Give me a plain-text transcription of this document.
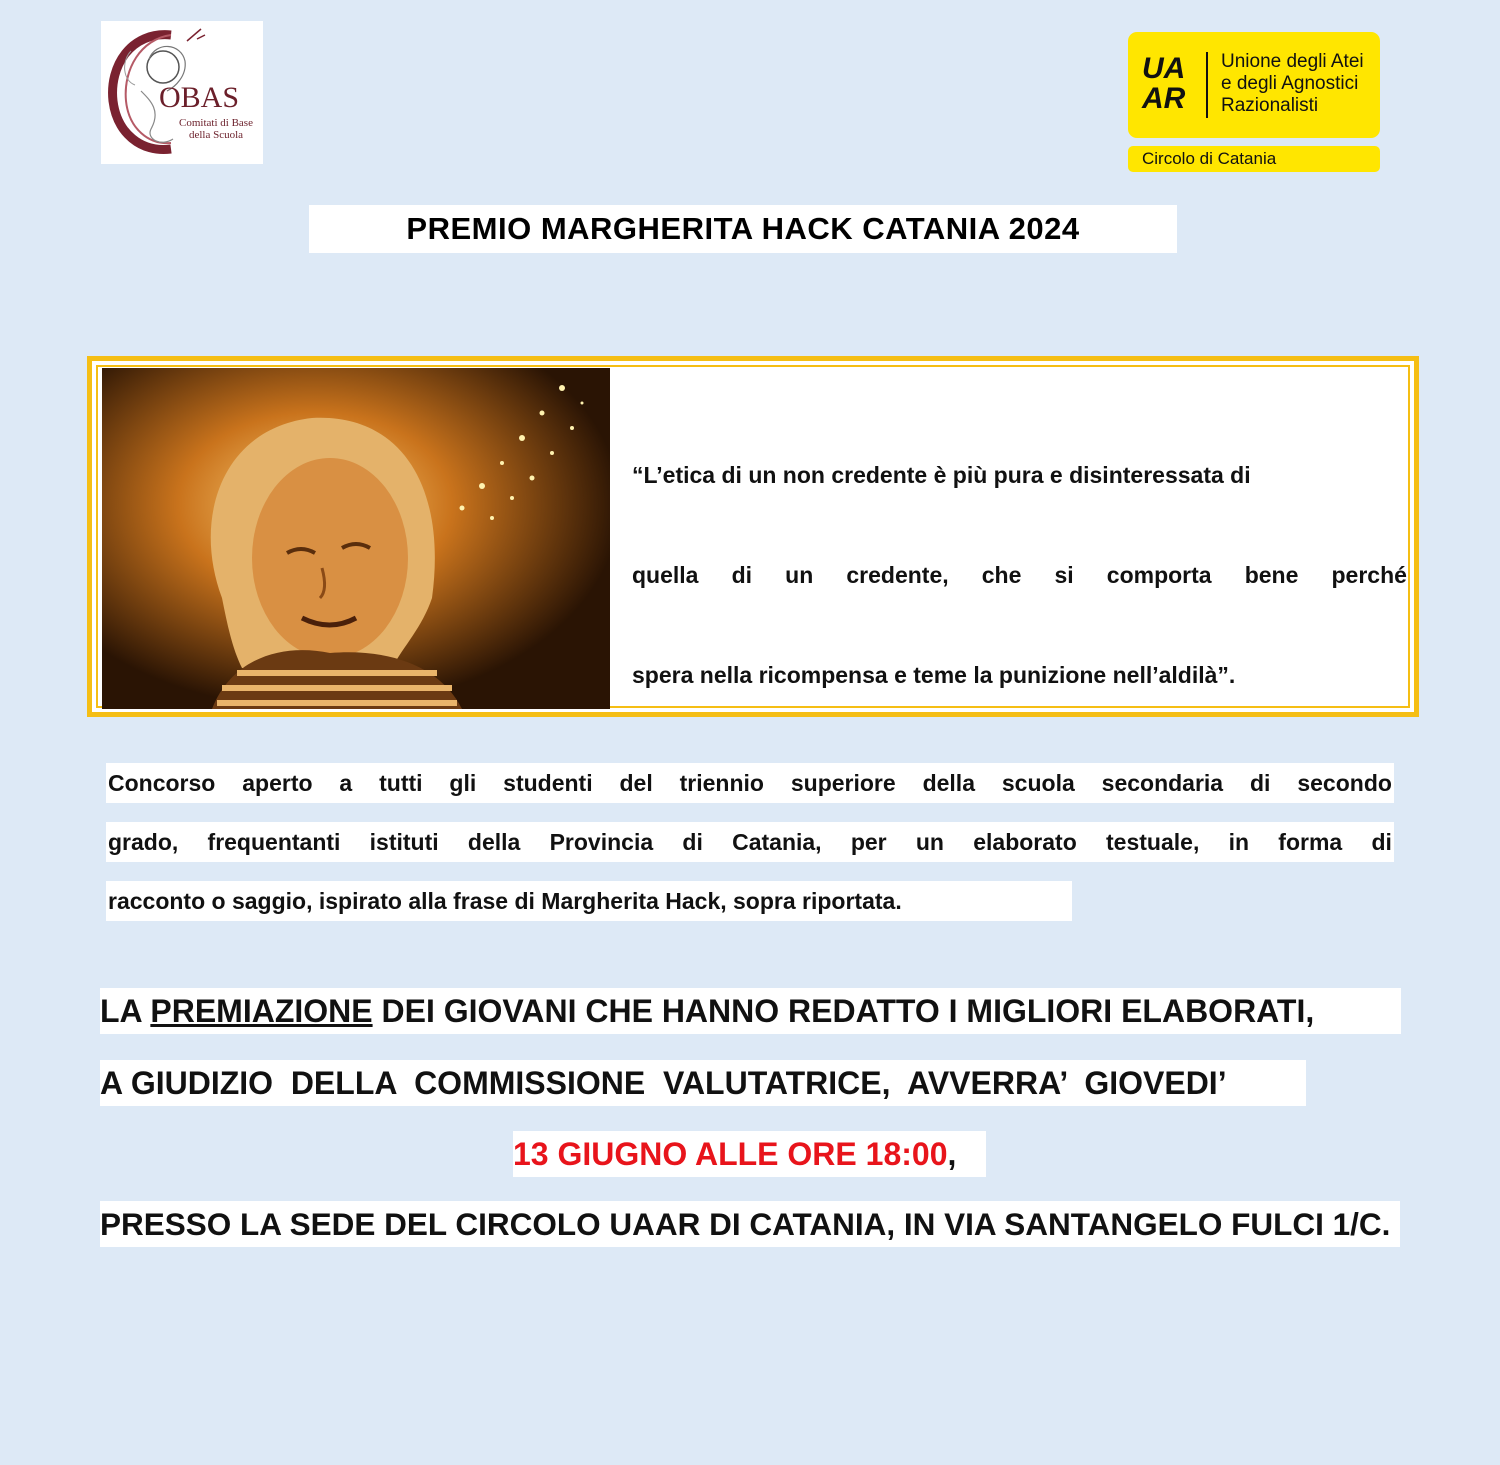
OBAS
Comitati di Base
della Scuola
UA
AR
Unione degli Atei
e degli Agnostici
Razionalisti
Circolo di Catania
PREMIO MARGHERITA HACK CATANIA 2024
“L’etica di un non credente è più pura e disinteressata di
quella di un credente, che si comporta bene perché
spera nella ricompensa e teme la punizione nell’aldilà”.
Concorso aperto a tutti gli studenti del triennio superiore della scuola secondaria di secondo
grado, frequentanti istituti della Provincia di Catania, per un elaborato testuale, in forma di
racconto o saggio, ispirato alla frase di Margherita Hack, sopra riportata.
LA PREMIAZIONE DEI GIOVANI CHE HANNO REDATTO I MIGLIORI ELABORATI,
A GIUDIZIO  DELLA  COMMISSIONE  VALUTATRICE,  AVVERRA’  GIOVEDI’
13 GIUGNO ALLE ORE 18:00,
PRESSO LA SEDE DEL CIRCOLO UAAR DI CATANIA, IN VIA SANTANGELO FULCI 1/C.
